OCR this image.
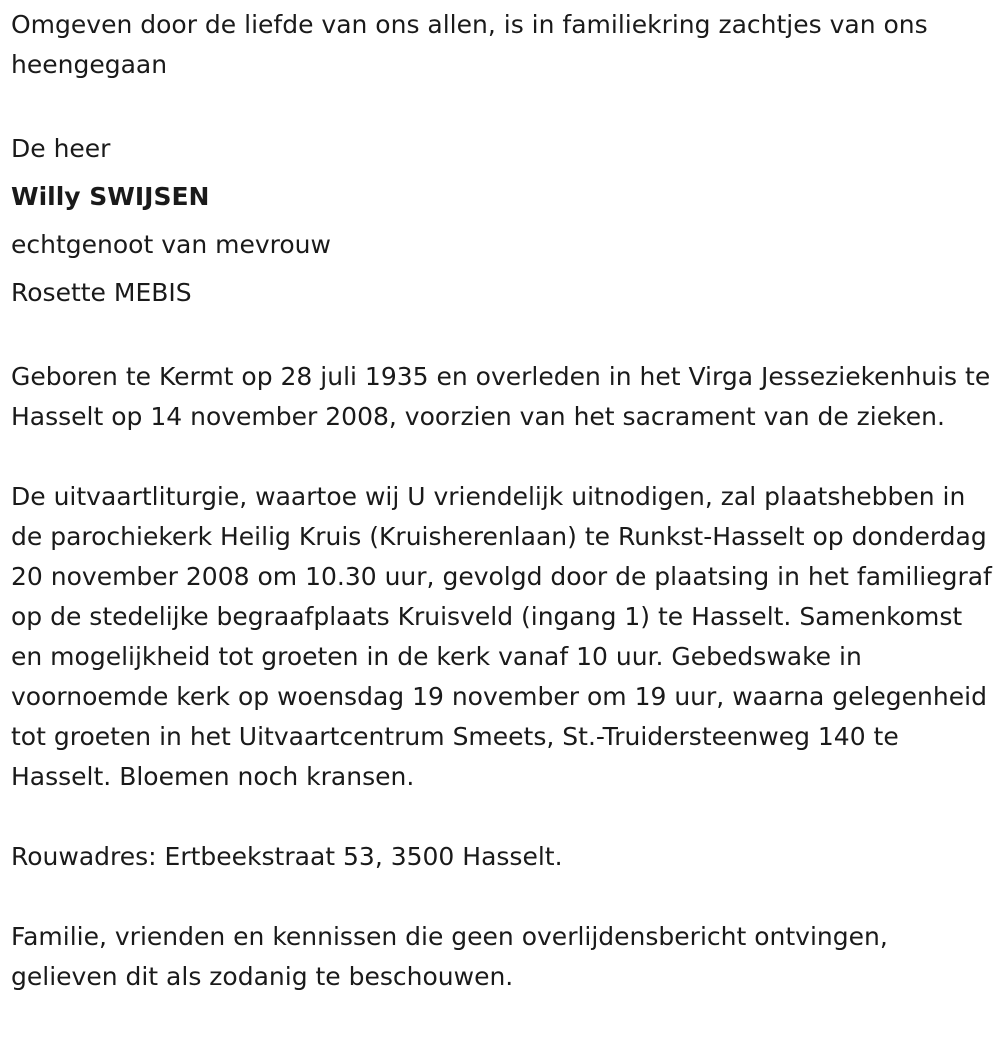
Omgeven door de liefde van ons allen, is in familiekring zachtjes van ons heengegaan

De heer

Willy SWIJSEN

echtgenoot van mevrouw

Rosette MEBIS

Geboren te Kermt op 28 juli 1935 en overleden in het Virga Jesseziekenhuis te Hasselt op 14 november 2008, voorzien van het sacrament van de zieken.

De uitvaartliturgie, waartoe wij U vriendelijk uitnodigen, zal plaatshebben in de parochiekerk Heilig Kruis (Kruisherenlaan) te Runkst-Hasselt op donderdag 20 november 2008 om 10.30 uur, gevolgd door de plaatsing in het familiegraf op de stedelijke begraafplaats Kruisveld (ingang 1) te Hasselt. Samenkomst en mogelijkheid tot groeten in de kerk vanaf 10 uur. Gebedswake in voornoemde kerk op woensdag 19 november om 19 uur, waarna gelegenheid tot groeten in het Uitvaartcentrum Smeets, St.-Truidersteenweg 140 te Hasselt. Bloemen noch kransen.

Rouwadres: Ertbeekstraat 53, 3500 Hasselt.

Familie, vrienden en kennissen die geen overlijdensbericht ontvingen, gelieven dit als zodanig te beschouwen.
